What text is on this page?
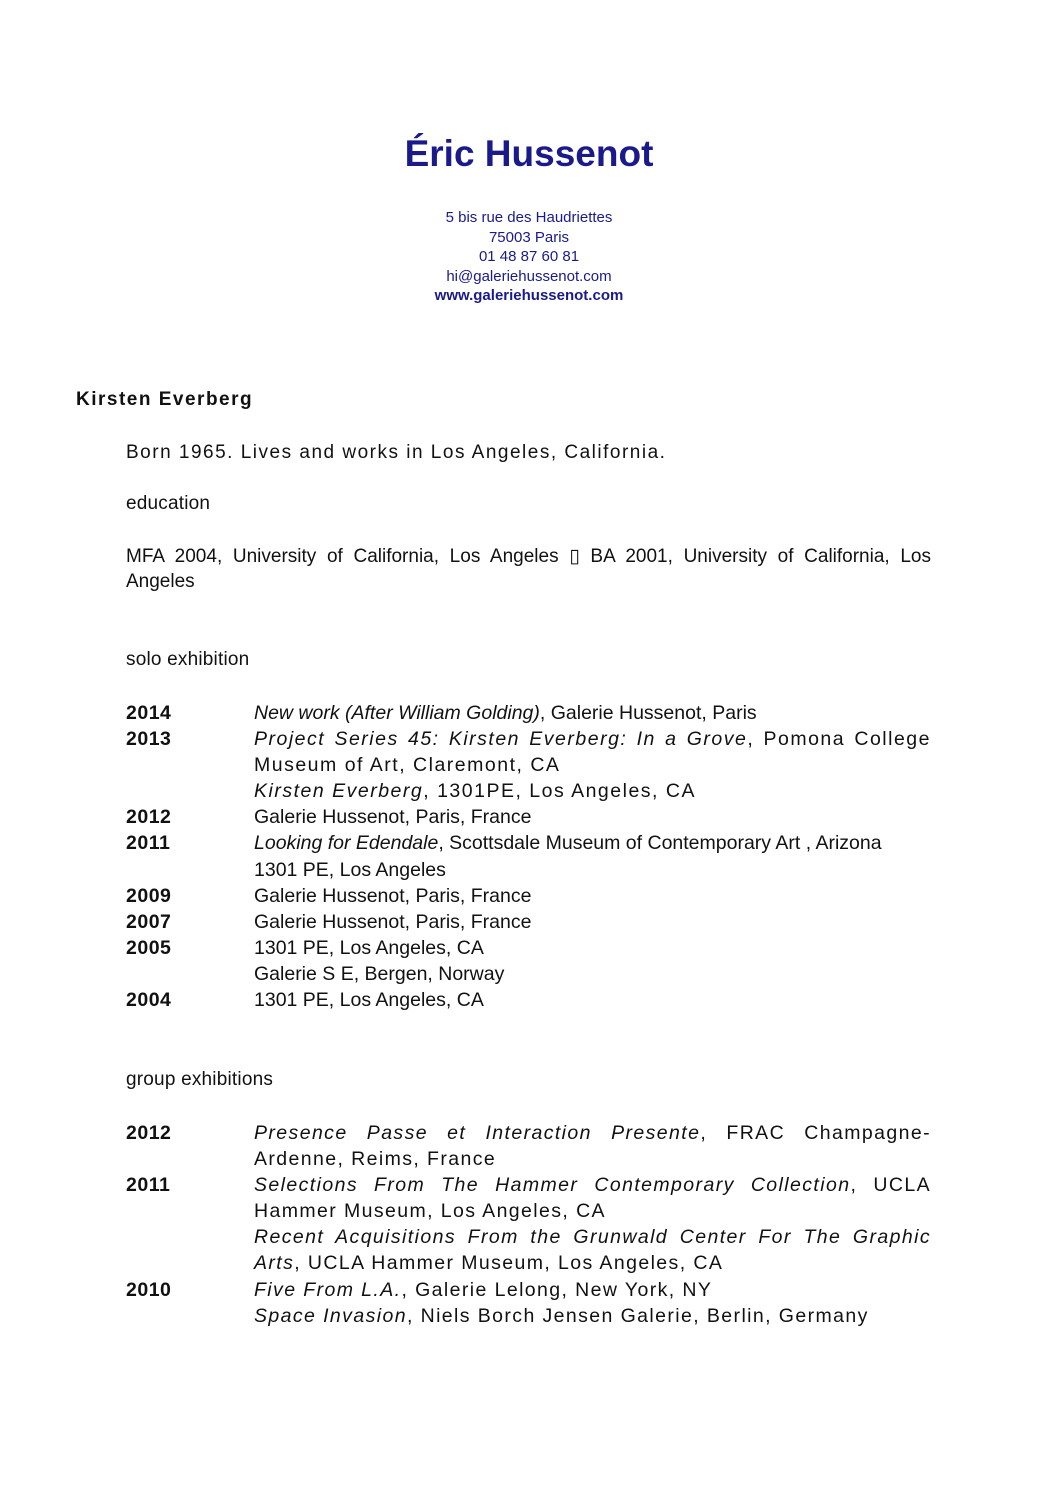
Éric Hussenot
5 bis rue des Haudriettes
75003 Paris
01 48 87 60 81
hi@galeriehussenot.com
www.galeriehussenot.com
Kirsten Everberg
Born 1965. Lives and works in Los Angeles, California.
education
MFA 2004, University of California, Los Angeles ▯ BA 2001, University of California, Los Angeles
solo exhibition
2014	New work (After William Golding), Galerie Hussenot, Paris
2013	Project Series 45: Kirsten Everberg: In a Grove, Pomona College Museum of Art, Claremont, CA
Kirsten Everberg, 1301PE, Los Angeles, CA
2012	Galerie Hussenot, Paris, France
2011	Looking for Edendale, Scottsdale Museum of Contemporary Art , Arizona
1301 PE, Los Angeles
2009	Galerie Hussenot, Paris, France
2007	Galerie Hussenot, Paris, France
2005	1301 PE, Los Angeles, CA
Galerie S E, Bergen, Norway
2004	1301 PE, Los Angeles, CA
group exhibitions
2012	Presence Passe et Interaction Presente, FRAC Champagne-Ardenne, Reims, France
2011	Selections From The Hammer Contemporary Collection, UCLA Hammer Museum, Los Angeles, CA
Recent Acquisitions From the Grunwald Center For The Graphic Arts, UCLA Hammer Museum, Los Angeles, CA
2010	Five From L.A., Galerie Lelong, New York, NY
Space Invasion, Niels Borch Jensen Galerie, Berlin, Germany
